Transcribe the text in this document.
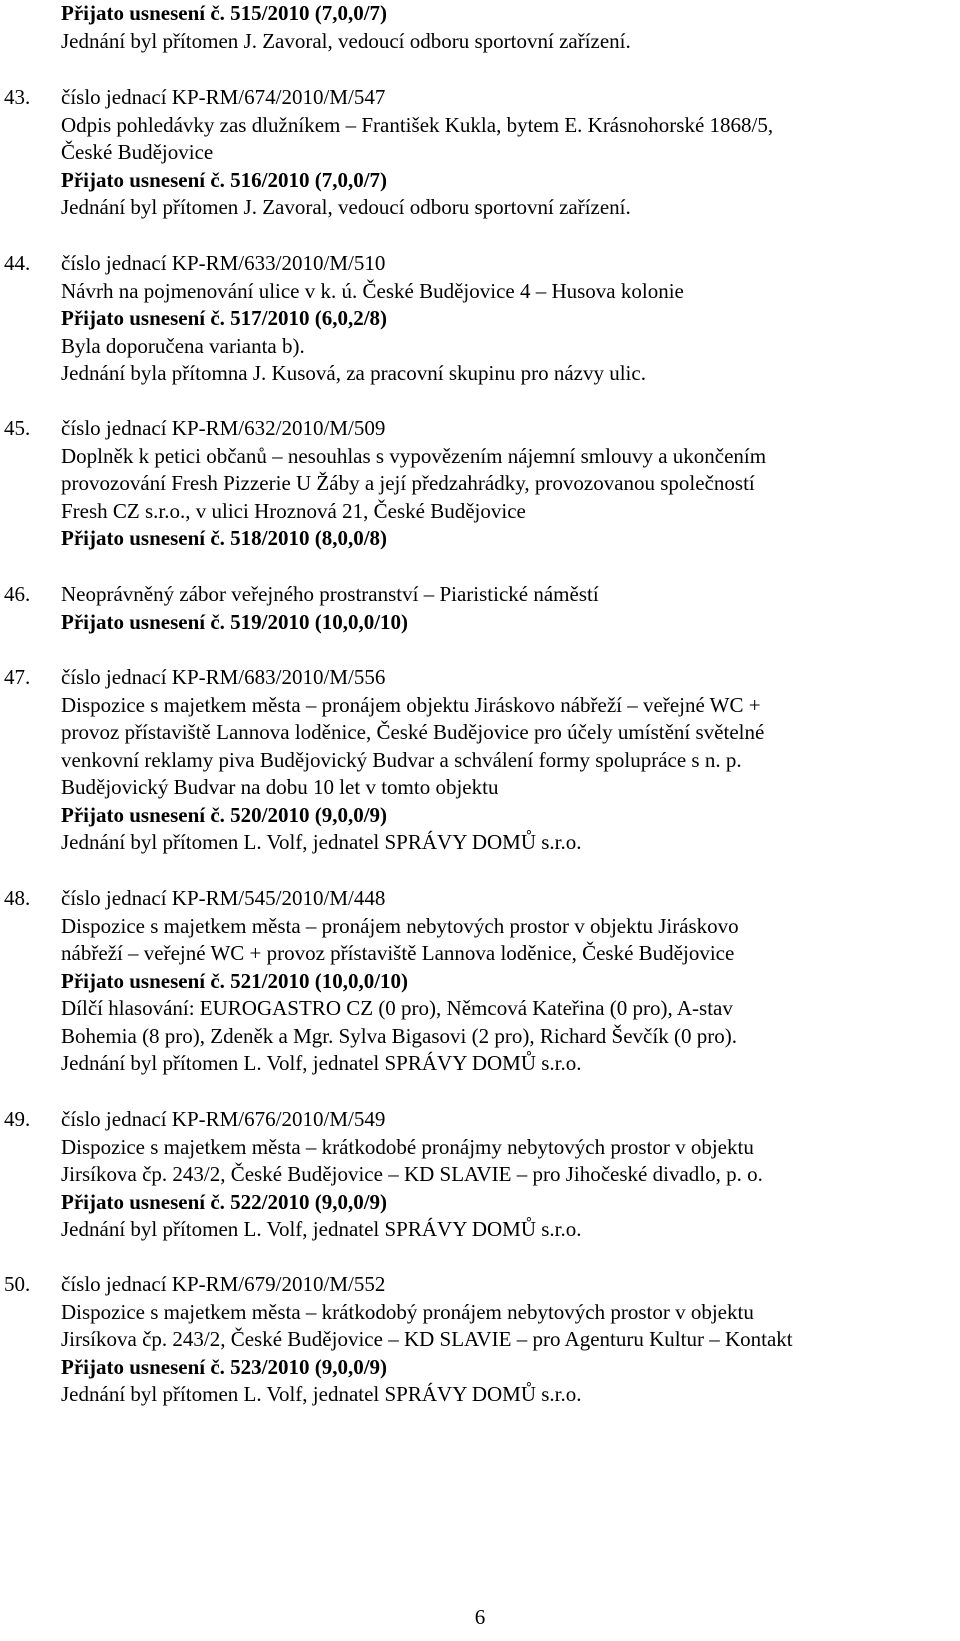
Přijato usnesení č. 515/2010 (7,0,0/7)
Jednání byl přítomen J. Zavoral, vedoucí odboru sportovní zařízení.
43.	číslo jednací KP-RM/674/2010/M/547
Odpis pohledávky zas dlužníkem – František Kukla, bytem E. Krásnohorské 1868/5,
České Budějovice
Přijato usnesení č. 516/2010 (7,0,0/7)
Jednání byl přítomen J. Zavoral, vedoucí odboru sportovní zařízení.
44.	číslo jednací KP-RM/633/2010/M/510
Návrh na pojmenování ulice v k. ú. České Budějovice 4 – Husova kolonie
Přijato usnesení č. 517/2010 (6,0,2/8)
Byla doporučena varianta b).
Jednání byla přítomna J. Kusová, za pracovní skupinu pro názvy ulic.
45.	číslo jednací KP-RM/632/2010/M/509
Doplněk k petici občanů – nesouhlas s vypovězením nájemní smlouvy a ukončením
provozování Fresh Pizzerie U Žáby a její předzahrádky, provozovanou společností
Fresh CZ s.r.o., v ulici Hroznová 21, České Budějovice
Přijato usnesení č. 518/2010 (8,0,0/8)
46.	Neoprávněný zábor veřejného prostranství – Piaristické náměstí
Přijato usnesení č. 519/2010 (10,0,0/10)
47.	číslo jednací KP-RM/683/2010/M/556
Dispozice s majetkem města – pronájem objektu Jiráskovo nábřeží – veřejné WC +
provoz přístaviště Lannova loděnice, České Budějovice pro účely umístění světelné
venkovní reklamy piva Budějovický Budvar a schválení formy spolupráce s n. p.
Budějovický Budvar na dobu 10 let v tomto objektu
Přijato usnesení č. 520/2010 (9,0,0/9)
Jednání byl přítomen L. Volf, jednatel SPRÁVY DOMŮ s.r.o.
48.	číslo jednací KP-RM/545/2010/M/448
Dispozice s majetkem města – pronájem nebytových prostor v objektu Jiráskovo
nábřeží – veřejné WC + provoz přístaviště Lannova loděnice, České Budějovice
Přijato usnesení č. 521/2010 (10,0,0/10)
Dílčí hlasování: EUROGASTRO CZ (0 pro), Němcová Kateřina (0 pro), A-stav
Bohemia (8 pro), Zdeněk a Mgr. Sylva Bigasovi (2 pro), Richard Ševčík (0 pro).
Jednání byl přítomen L. Volf, jednatel SPRÁVY DOMŮ s.r.o.
49.	číslo jednací KP-RM/676/2010/M/549
Dispozice s majetkem města – krátkodobé pronájmy nebytových prostor v objektu
Jirsíkova čp. 243/2, České Budějovice – KD SLAVIE – pro Jihočeské divadlo, p. o.
Přijato usnesení č. 522/2010 (9,0,0/9)
Jednání byl přítomen L. Volf, jednatel SPRÁVY DOMŮ s.r.o.
50.	číslo jednací KP-RM/679/2010/M/552
Dispozice s majetkem města – krátkodobý pronájem nebytových prostor v objektu
Jirsíkova čp. 243/2, České Budějovice – KD SLAVIE – pro Agenturu Kultur – Kontakt
Přijato usnesení č. 523/2010 (9,0,0/9)
Jednání byl přítomen L. Volf, jednatel SPRÁVY DOMŮ s.r.o.
6
